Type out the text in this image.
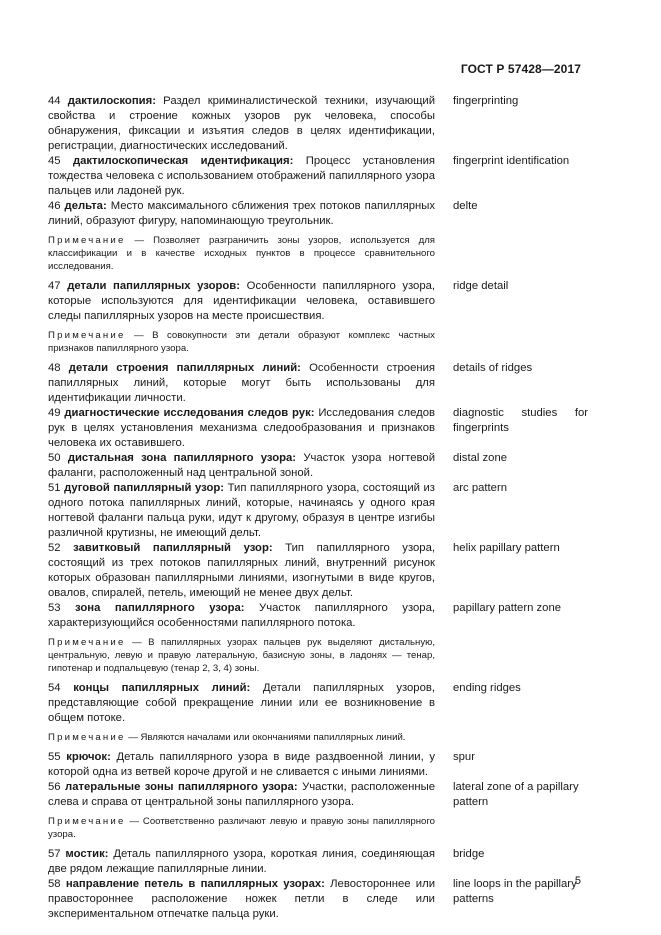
ГОСТ Р 57428—2017
44 дактилоскопия: Раздел криминалистической техники, изучающий свойства и строение кожных узоров рук человека, способы обнаружения, фиксации и изъятия следов в целях идентификации, регистрации, диагностических исследований.
fingerprinting
45 дактилоскопическая идентификация: Процесс установления тождества человека с использованием отображений папиллярного узора пальцев или ладоней рук.
fingerprint identification
46 дельта: Место максимального сближения трех потоков папиллярных линий, образуют фигуру, напоминающую треугольник.
delte
Примечание — Позволяет разграничить зоны узоров, используется для классификации и в качестве исходных пунктов в процессе сравнительного исследования.
47 детали папиллярных узоров: Особенности папиллярного узора, которые используются для идентификации человека, оставившего следы папиллярных узоров на месте происшествия.
ridge detail
Примечание — В совокупности эти детали образуют комплекс частных признаков папиллярного узора.
48 детали строения папиллярных линий: Особенности строения папиллярных линий, которые могут быть использованы для идентификации личности.
details of ridges
49 диагностические исследования следов рук: Исследования следов рук в целях установления механизма следообразования и признаков человека их оставившего.
diagnostic studies for fingerprints
50 дистальная зона папиллярного узора: Участок узора ногтевой фаланги, расположенный над центральной зоной.
distal zone
51 дуговой папиллярный узор: Тип папиллярного узора, состоящий из одного потока папиллярных линий, которые, начинаясь у одного края ногтевой фаланги пальца руки, идут к другому, образуя в центре изгибы различной крутизны, не имеющий дельт.
arc pattern
52 завитковый папиллярный узор: Тип папиллярного узора, состоящий из трех потоков папиллярных линий, внутренний рисунок которых образован папиллярными линиями, изогнутыми в виде кругов, овалов, спиралей, петель, имеющий не менее двух дельт.
helix papillary pattern
53 зона папиллярного узора: Участок папиллярного узора, характеризующийся особенностями папиллярного потока.
papillary pattern zone
Примечание — В папиллярных узорах пальцев рук выделяют дистальную, центральную, левую и правую латеральную, базисную зоны, в ладонях — тенар, гипотенар и подпальцевую (тенар 2, 3, 4) зоны.
54 концы папиллярных линий: Детали папиллярных узоров, представляющие собой прекращение линии или ее возникновение в общем потоке.
ending ridges
Примечание — Являются началами или окончаниями папиллярных линий.
55 крючок: Деталь папиллярного узора в виде раздвоенной линии, у которой одна из ветвей короче другой и не сливается с иными линиями.
spur
56 латеральные зоны папиллярного узора: Участки, расположенные слева и справа от центральной зоны папиллярного узора.
lateral zone of a papillary pattern
Примечание — Соответственно различают левую и правую зоны папиллярного узора.
57 мостик: Деталь папиллярного узора, короткая линия, соединяющая две рядом лежащие папиллярные линии.
bridge
58 направление петель в папиллярных узорах: Левостороннее или правостороннее расположение ножек петли в следе или экспериментальном отпечатке пальца руки.
line loops in the papillary patterns
5
